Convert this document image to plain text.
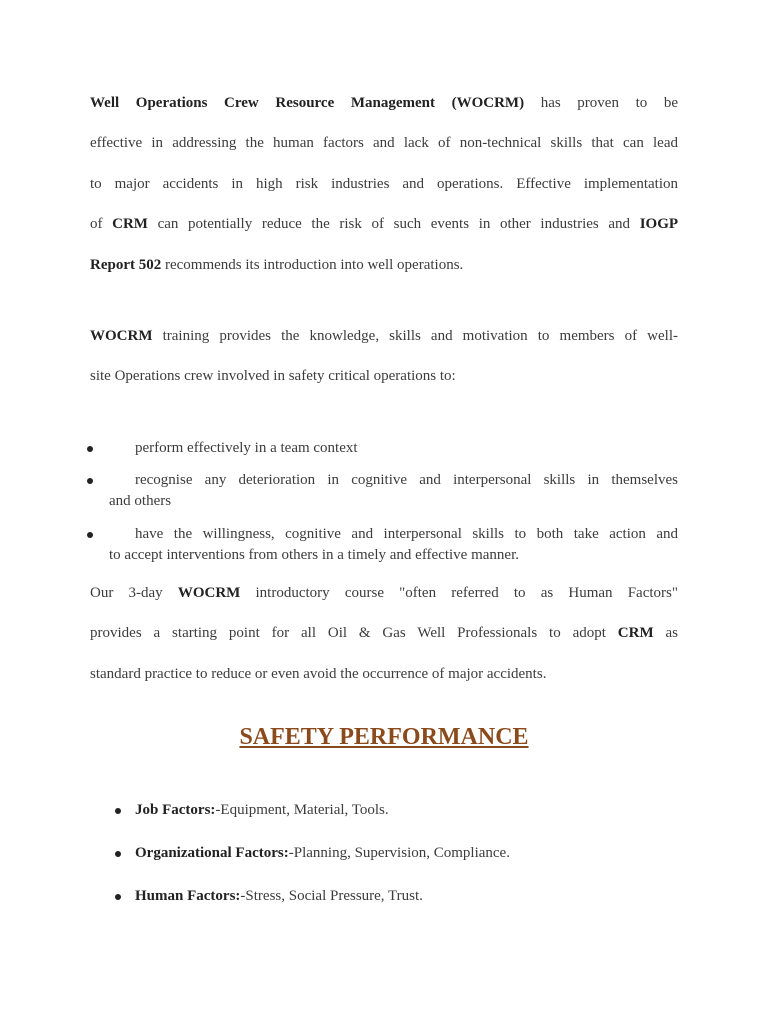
Well Operations Crew Resource Management (WOCRM) has proven to be
effective in addressing the human factors and lack of non-technical skills that can lead
to major accidents in high risk industries and operations. Effective implementation
of CRM can potentially reduce the risk of such events in other industries and IOGP
Report 502 recommends its introduction into well operations.
WOCRM training provides the knowledge, skills and motivation to members of well-
site Operations crew involved in safety critical operations to:
perform effectively in a team context
recognise any deterioration in cognitive and interpersonal skills in themselves
and others
have the willingness, cognitive and interpersonal skills to both take action and
to accept interventions from others in a timely and effective manner.
Our 3-day WOCRM introductory course "often referred to as Human Factors"
provides a starting point for all Oil & Gas Well Professionals to adopt CRM as
standard practice to reduce or even avoid the occurrence of major accidents.
SAFETY PERFORMANCE
Job Factors:-Equipment, Material, Tools.
Organizational Factors:-Planning, Supervision, Compliance.
Human Factors:-Stress, Social Pressure, Trust.
